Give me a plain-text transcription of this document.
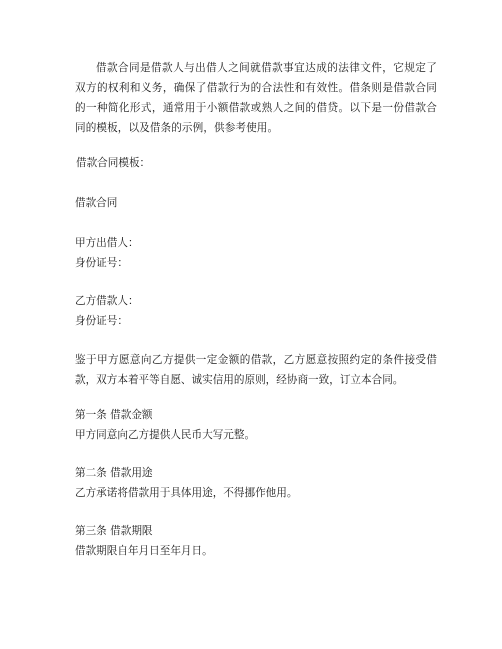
借款合同是借款人与出借人之间就借款事宜达成的法律文件，它规定了双方的权利和义务，确保了借款行为的合法性和有效性。借条则是借款合同的一种简化形式，通常用于小额借款或熟人之间的借贷。以下是一份借款合同的模板，以及借条的示例，供参考使用。

借款合同模板：

借款合同

甲方出借人：

身份证号：

乙方借款人：

身份证号：

鉴于甲方愿意向乙方提供一定金额的借款，乙方愿意按照约定的条件接受借款，双方本着平等自愿、诚实信用的原则，经协商一致，订立本合同。

第一条 借款金额

甲方同意向乙方提供人民币大写元整。

第二条 借款用途

乙方承诺将借款用于具体用途，不得挪作他用。

第三条 借款期限

借款期限自年月日至年月日。
